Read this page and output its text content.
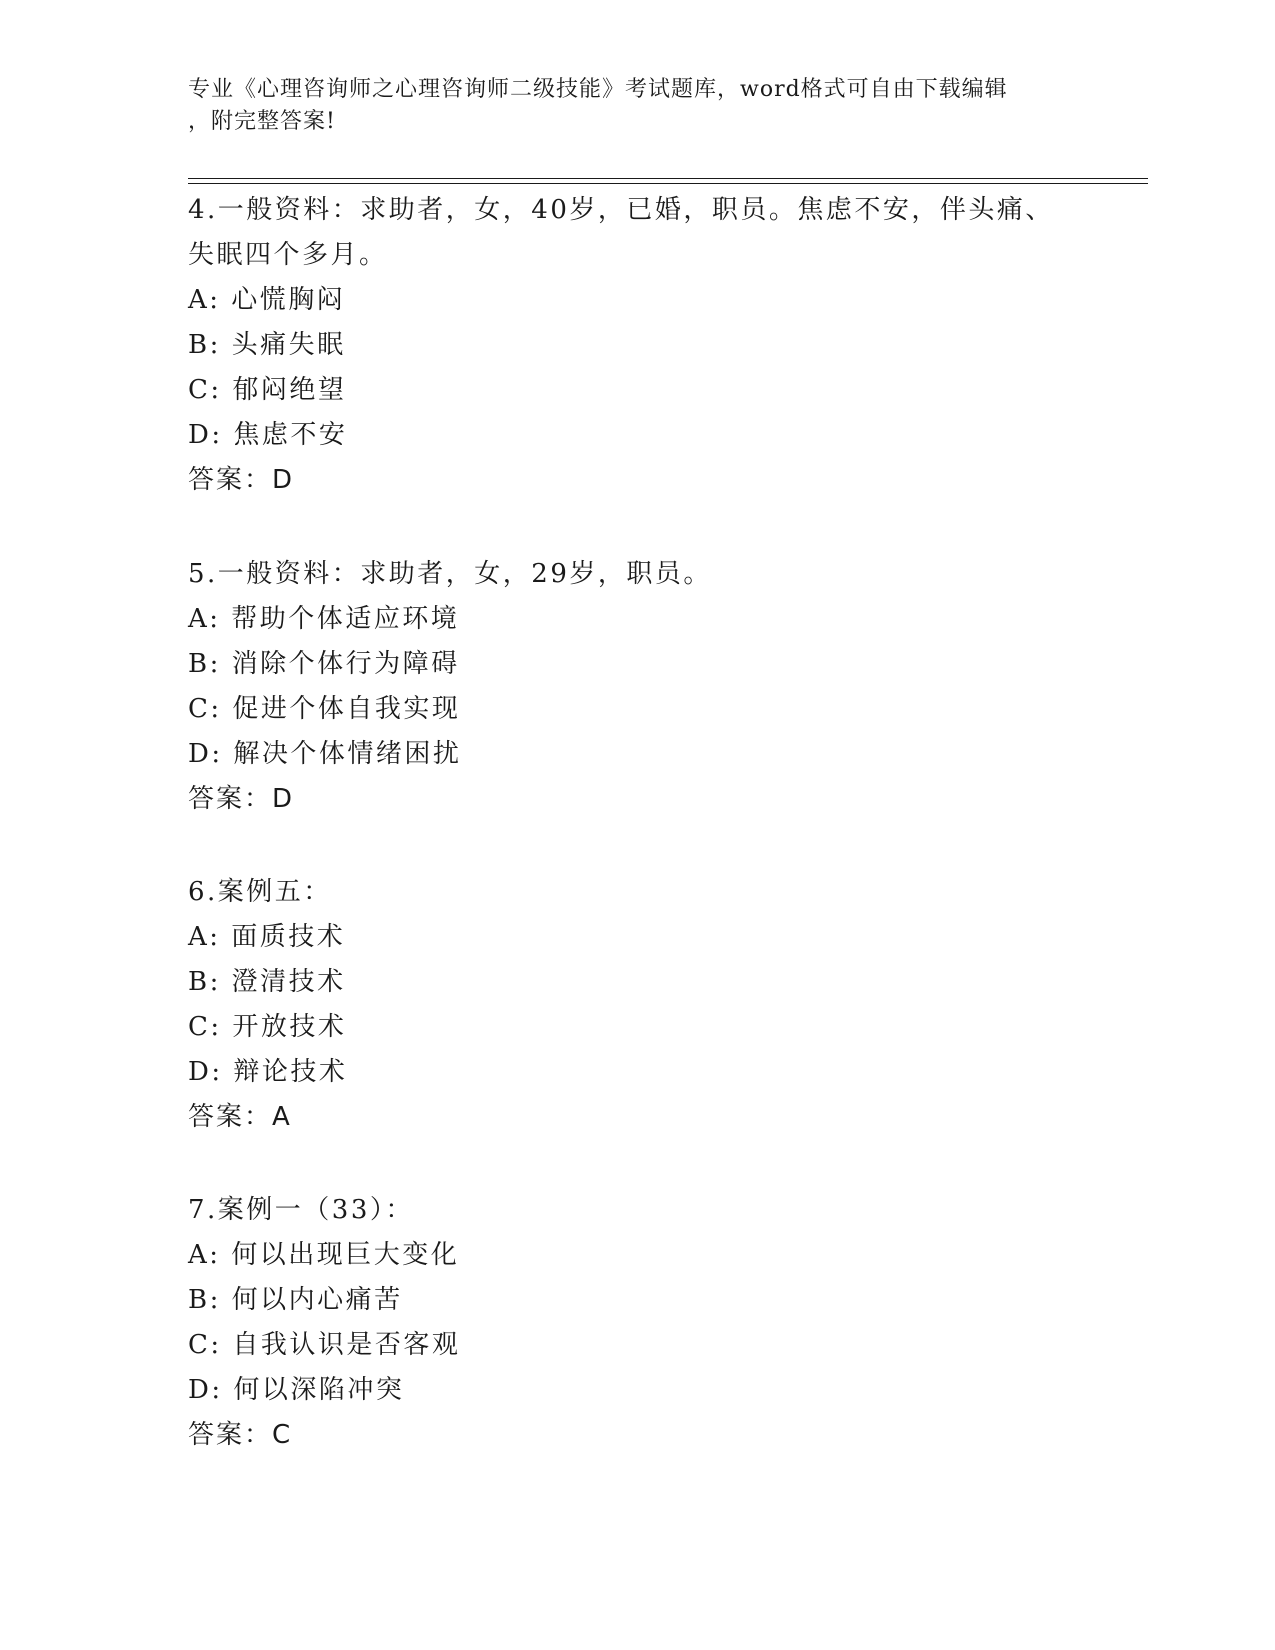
专业《心理咨询师之心理咨询师二级技能》考试题库，word格式可自由下载编辑
，附完整答案!

4.一般资料：求助者，女，40岁，已婚，职员。焦虑不安，伴头痛、

失眠四个多月。

A: 心慌胸闷

B: 头痛失眠

C: 郁闷绝望

D: 焦虑不安

答案：D

5.一般资料：求助者，女，29岁，职员。

A: 帮助个体适应环境

B: 消除个体行为障碍

C: 促进个体自我实现

D: 解决个体情绪困扰

答案：D

6.案例五：

A: 面质技术

B: 澄清技术

C: 开放技术

D: 辩论技术

答案：A

7.案例一（33）：

A: 何以出现巨大变化

B: 何以内心痛苦

C: 自我认识是否客观

D: 何以深陷冲突

答案：C
